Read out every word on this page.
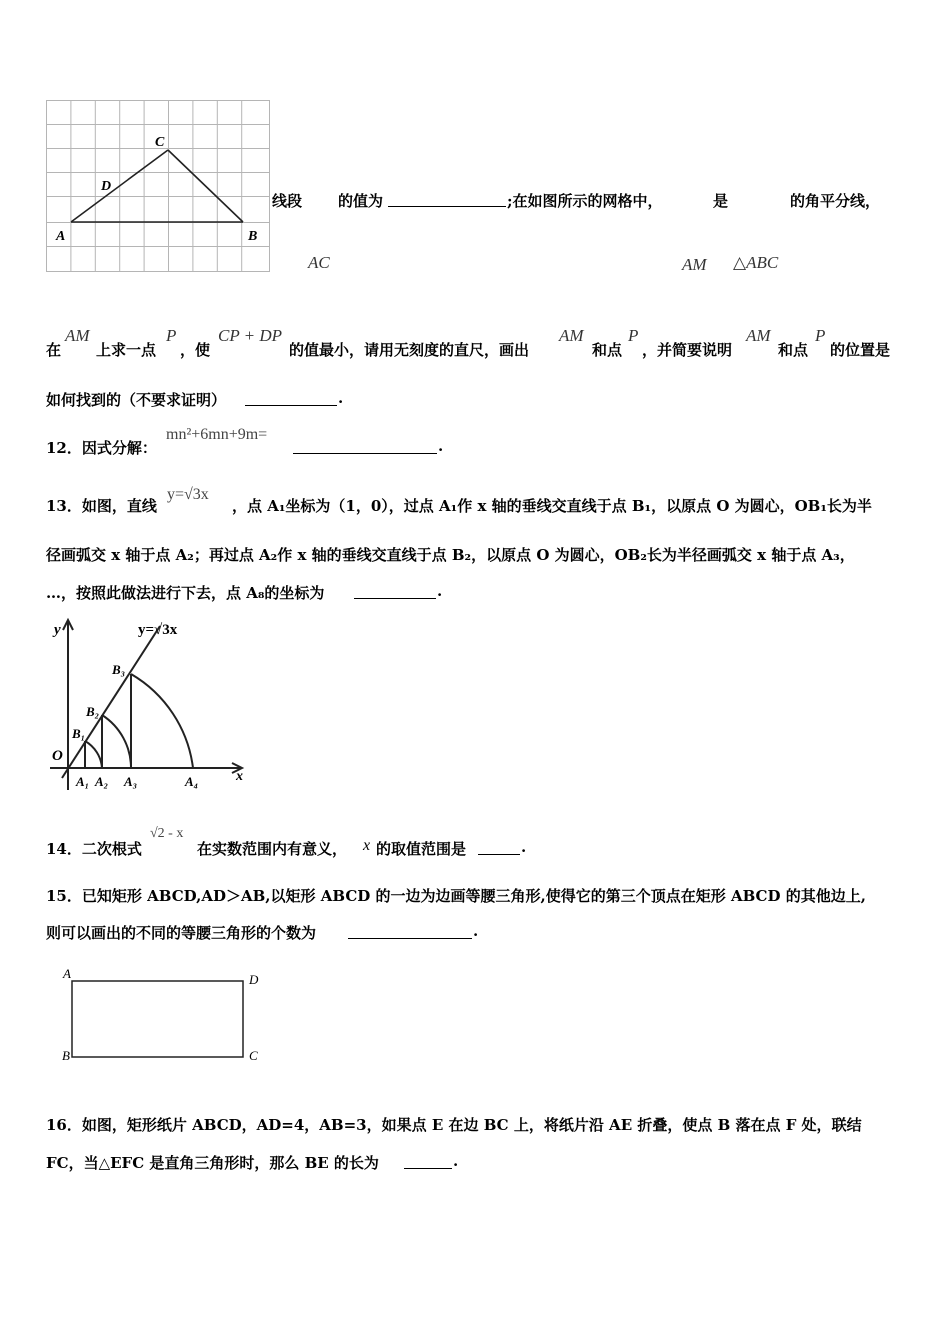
C
D
A	B
线段 的值为	;在如图所示的网格中，	是	的角平分线，
AC	AM △ABC
在
AM
上求一点
P
，使
CP + DP
的值最小，请用无刻度的直尺，画出
AM
和点
P
，并简要说明
AM
和点
P
的位置是
如何找到的（不要求证明）	.
12．因式分解：
mn²+6mn+9m=
.
13．如图，直线
y=√3x
，点 A₁坐标为（1，0），过点 A₁作 x 轴的垂线交直线于点 B₁，以原点 O 为圆心，OB₁长为半
径画弧交 x 轴于点 A₂；再过点 A₂作 x 轴的垂线交直线于点 B₂，以原点 O 为圆心，OB₂长为半径画弧交 x 轴于点 A₃，
…，按照此做法进行下去，点 A₈的坐标为	.
y
x
y=√3x
O
A₁ A₂ A₃	A₄
B₁
B₂
B₃
14．二次根式
√2 - x
在实数范围内有意义， x 的取值范围是	.
15．已知矩形 ABCD,AD＞AB,以矩形 ABCD 的一边为边画等腰三角形,使得它的第三个顶点在矩形 ABCD 的其他边上,
则可以画出的不同的等腰三角形的个数为	.
A	D
B	C
16．如图，矩形纸片 ABCD，AD=4，AB=3，如果点 E 在边 BC 上，将纸片沿 AE 折叠，使点 B 落在点 F 处，联结
FC，当△EFC 是直角三角形时，那么 BE 的长为	.
